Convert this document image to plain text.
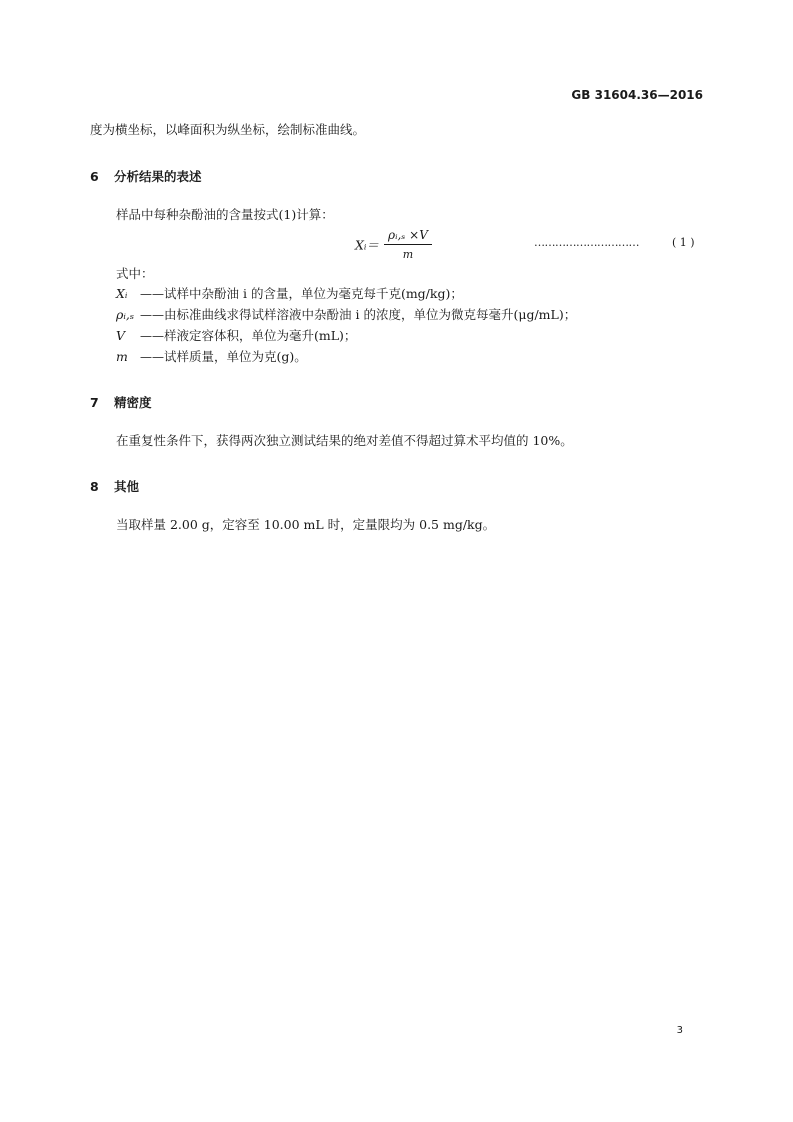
GB 31604.36—2016
度为横坐标，以峰面积为纵坐标，绘制标准曲线。
6 分析结果的表述
样品中每种杂酚油的含量按式(1)计算：
Xᵢ＝ $\frac{\text{ρᵢ,ₛ ×V}}{m}$	…………………………	( 1 )
式中：
Xᵢ ——试样中杂酚油 i 的含量，单位为毫克每千克(mg/kg)；
ρᵢ,ₛ ——由标准曲线求得试样溶液中杂酚油 i 的浓度，单位为微克每毫升(μg/mL)；
V ——样液定容体积，单位为毫升(mL)；
m ——试样质量，单位为克(g)。
7 精密度
在重复性条件下，获得两次独立测试结果的绝对差值不得超过算术平均值的 10%。
8 其他
当取样量 2.00 g，定容至 10.00 mL 时，定量限均为 0.5 mg/kg。
3
